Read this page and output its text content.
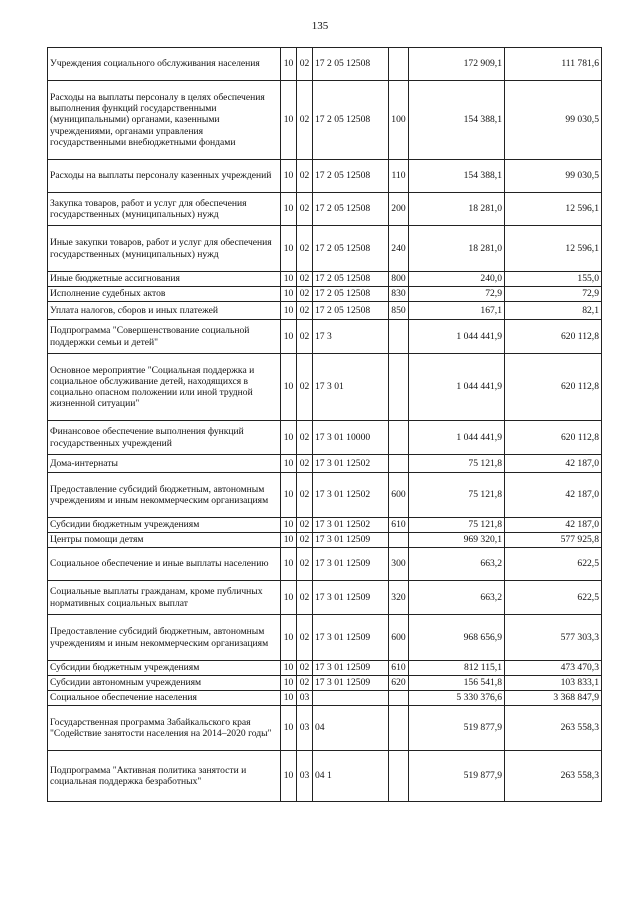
135
Учреждения социального обслуживания населения	10	02	17 2 05 12508		172 909,1	111 781,6
Расходы на выплаты персоналу в целях обеспечения выполнения функций государственными (муниципальными) органами, казенными учреждениями, органами управления государственными внебюджетными фондами	10	02	17 2 05 12508	100	154 388,1	99 030,5
Расходы на выплаты персоналу казенных учреждений	10	02	17 2 05 12508	110	154 388,1	99 030,5
Закупка товаров, работ и услуг для обеспечения государственных (муниципальных) нужд	10	02	17 2 05 12508	200	18 281,0	12 596,1
Иные закупки товаров, работ и услуг для обеспечения государственных (муниципальных) нужд	10	02	17 2 05 12508	240	18 281,0	12 596,1
Иные бюджетные ассигнования	10	02	17 2 05 12508	800	240,0	155,0
Исполнение судебных актов	10	02	17 2 05 12508	830	72,9	72,9
Уплата налогов, сборов и иных платежей	10	02	17 2 05 12508	850	167,1	82,1
Подпрограмма "Совершенствование социальной поддержки семьи и детей"	10	02	17 3		1 044 441,9	620 112,8
Основное мероприятие "Социальная поддержка и социальное обслуживание детей, находящихся в социально опасном положении или иной трудной жизненной ситуации"	10	02	17 3 01		1 044 441,9	620 112,8
Финансовое обеспечение выполнения функций государственных учреждений	10	02	17 3 01 10000		1 044 441,9	620 112,8
Дома-интернаты	10	02	17 3 01 12502		75 121,8	42 187,0
Предоставление субсидий бюджетным, автономным учреждениям и иным некоммерческим организациям	10	02	17 3 01 12502	600	75 121,8	42 187,0
Субсидии бюджетным учреждениям	10	02	17 3 01 12502	610	75 121,8	42 187,0
Центры помощи детям	10	02	17 3 01 12509		969 320,1	577 925,8
Социальное обеспечение и иные выплаты населению	10	02	17 3 01 12509	300	663,2	622,5
Социальные выплаты гражданам, кроме публичных нормативных социальных выплат	10	02	17 3 01 12509	320	663,2	622,5
Предоставление субсидий бюджетным, автономным учреждениям и иным некоммерческим организациям	10	02	17 3 01 12509	600	968 656,9	577 303,3
Субсидии бюджетным учреждениям	10	02	17 3 01 12509	610	812 115,1	473 470,3
Субсидии автономным учреждениям	10	02	17 3 01 12509	620	156 541,8	103 833,1
Социальное обеспечение населения	10	03			5 330 376,6	3 368 847,9
Государственная программа Забайкальского края "Содействие занятости населения на 2014–2020 годы"	10	03	04		519 877,9	263 558,3
Подпрограмма "Активная политика занятости и социальная поддержка безработных"	10	03	04 1		519 877,9	263 558,3
